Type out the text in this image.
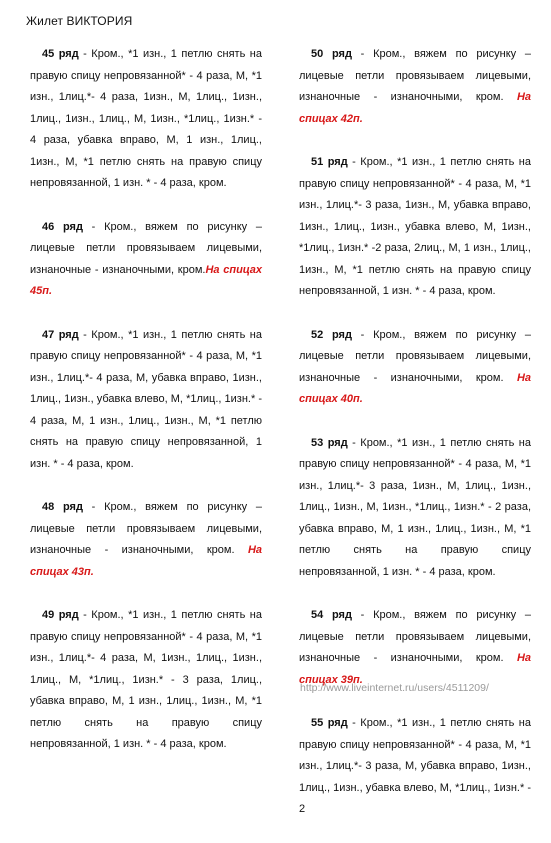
Жилет ВИКТОРИЯ

45 ряд - Кром., *1 изн., 1 петлю снять на правую спицу непровязанной* - 4 раза, М, *1 изн., 1лиц.*- 4 раза, 1изн., М, 1лиц., 1изн., 1лиц., 1изн., 1лиц., М, 1изн., *1лиц., 1изн.* - 4 раза, убавка вправо, М, 1 изн., 1лиц., 1изн., М, *1 петлю снять на правую спицу непровязанной, 1 изн. * - 4 раза, кром.

46 ряд - Кром., вяжем по рисунку – лицевые петли провязываем лицевыми, изнаночные - изнаночными, кром.На спицах 45п.

47 ряд - Кром., *1 изн., 1 петлю снять на правую спицу непровязанной* - 4 раза, М, *1 изн., 1лиц.*- 4 раза, М, убавка вправо, 1изн., 1лиц., 1изн., убавка влево, М, *1лиц., 1изн.* - 4 раза, М, 1 изн., 1лиц., 1изн., М, *1 петлю снять на правую спицу непровязанной, 1 изн. * - 4 раза, кром.

48 ряд - Кром., вяжем по рисунку – лицевые петли провязываем лицевыми, изнаночные - изнаночными, кром. На спицах 43п.

49 ряд - Кром., *1 изн., 1 петлю снять на правую спицу непровязанной* - 4 раза, М, *1 изн., 1лиц.*- 4 раза, М, 1изн., 1лиц., 1изн., 1лиц., М, *1лиц., 1изн.* - 3 раза, 1лиц., убавка вправо, М, 1 изн., 1лиц., 1изн., М, *1 петлю снять на правую спицу непровязанной, 1 изн. * - 4 раза, кром.

50 ряд - Кром., вяжем по рисунку – лицевые петли провязываем лицевыми, изнаночные - изнаночными, кром. На спицах 42п.

51 ряд - Кром., *1 изн., 1 петлю снять на правую спицу непровязанной* - 4 раза, М, *1 изн., 1лиц.*- 3 раза, 1изн., М, убавка вправо, 1изн., 1лиц., 1изн., убавка влево, М, 1изн., *1лиц., 1изн.* -2 раза, 2лиц., М, 1 изн., 1лиц., 1изн., М, *1 петлю снять на правую спицу непровязанной, 1 изн. * - 4 раза, кром.

52 ряд - Кром., вяжем по рисунку – лицевые петли провязываем лицевыми, изнаночные - изнаночными, кром. На спицах 40п.

53 ряд - Кром., *1 изн., 1 петлю снять на правую спицу непровязанной* - 4 раза, М, *1 изн., 1лиц.*- 3 раза, 1изн., М, 1лиц., 1изн., 1лиц., 1изн., М, 1изн., *1лиц., 1изн.* - 2 раза, убавка вправо, М, 1 изн., 1лиц., 1изн., М, *1 петлю снять на правую спицу непровязанной, 1 изн. * - 4 раза, кром.

54 ряд - Кром., вяжем по рисунку – лицевые петли провязываем лицевыми, изнаночные - изнаночными, кром. На спицах 39п.

55 ряд - Кром., *1 изн., 1 петлю снять на правую спицу непровязанной* - 4 раза, М, *1 изн., 1лиц.*- 3 раза, М, убавка вправо, 1изн., 1лиц., 1изн., убавка влево, М, *1лиц., 1изн.* - 2

http://www.liveinternet.ru/users/4511209/
